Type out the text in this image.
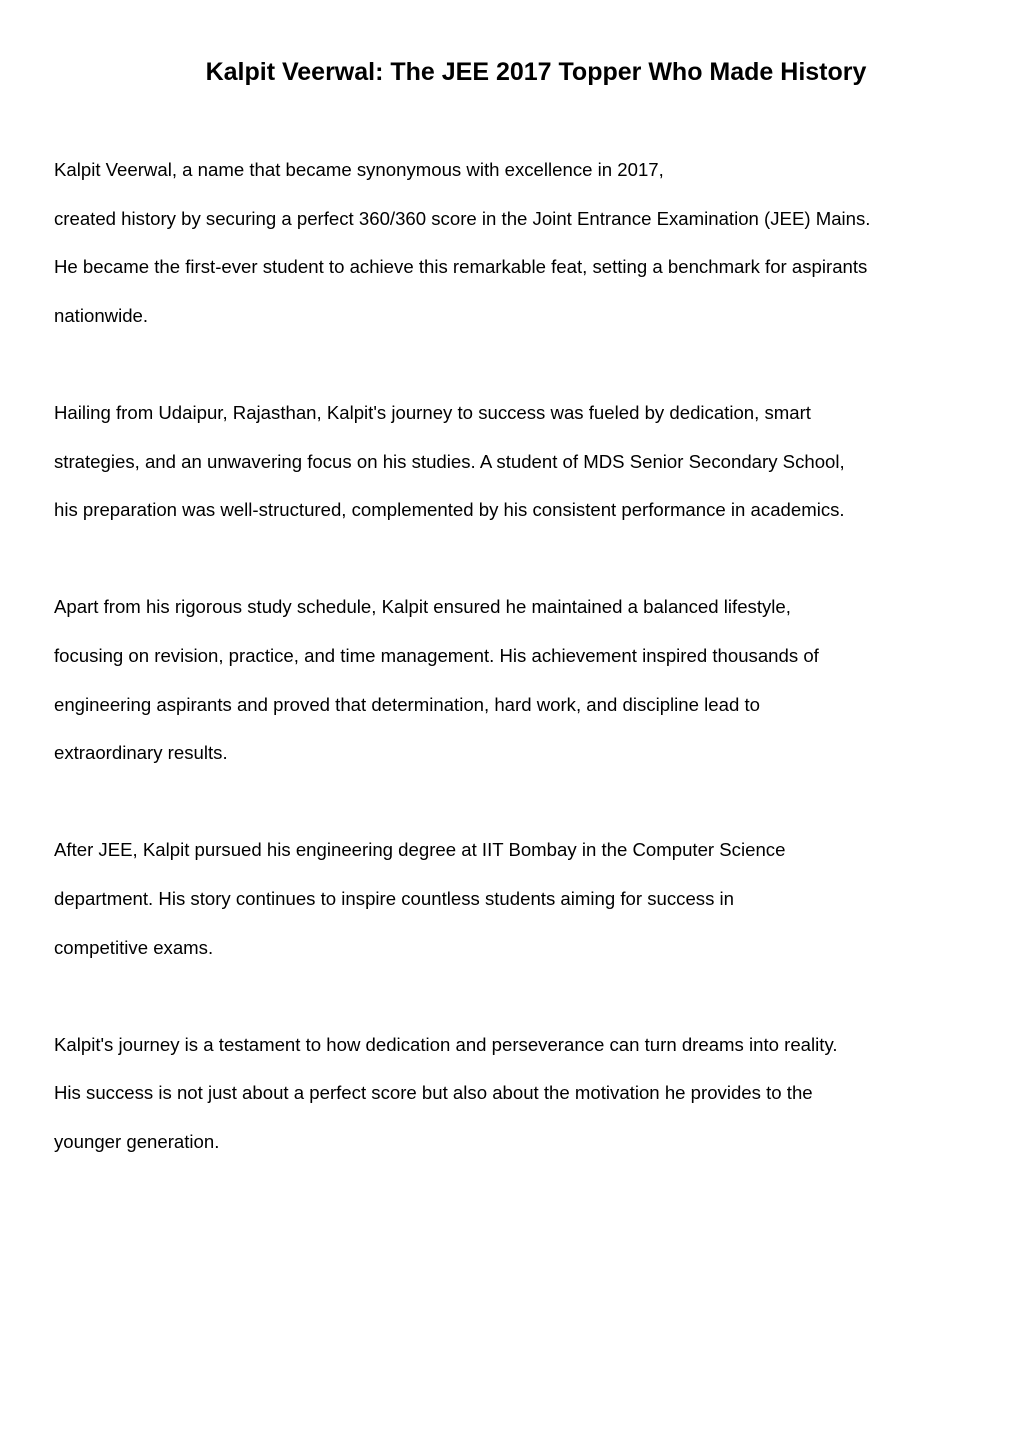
Kalpit Veerwal: The JEE 2017 Topper Who Made History
Kalpit Veerwal, a name that became synonymous with excellence in 2017,
created history by securing a perfect 360/360 score in the Joint Entrance Examination (JEE) Mains.
He became the first-ever student to achieve this remarkable feat, setting a benchmark for aspirants
nationwide.
Hailing from Udaipur, Rajasthan, Kalpit's journey to success was fueled by dedication, smart
strategies, and an unwavering focus on his studies. A student of MDS Senior Secondary School,
his preparation was well-structured, complemented by his consistent performance in academics.
Apart from his rigorous study schedule, Kalpit ensured he maintained a balanced lifestyle,
focusing on revision, practice, and time management. His achievement inspired thousands of
engineering aspirants and proved that determination, hard work, and discipline lead to
extraordinary results.
After JEE, Kalpit pursued his engineering degree at IIT Bombay in the Computer Science
department. His story continues to inspire countless students aiming for success in
competitive exams.
Kalpit's journey is a testament to how dedication and perseverance can turn dreams into reality.
His success is not just about a perfect score but also about the motivation he provides to the
younger generation.
